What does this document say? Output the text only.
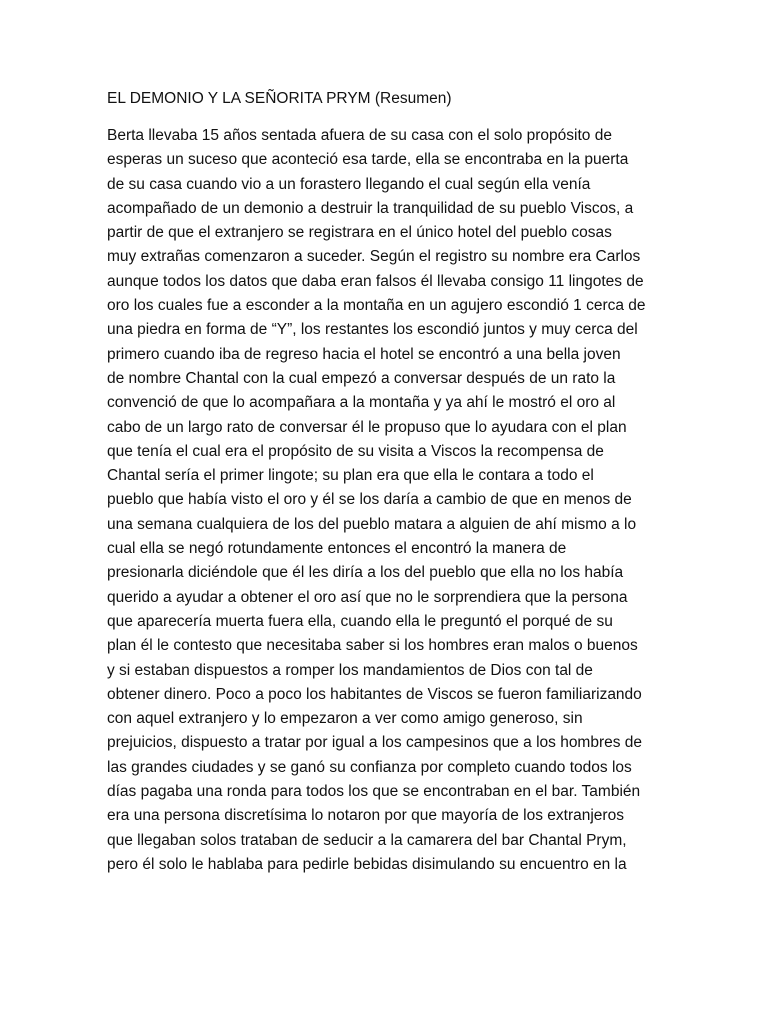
EL DEMONIO Y LA SEÑORITA PRYM (Resumen)
Berta llevaba 15 años sentada afuera de su casa con el solo propósito de
esperas un suceso que aconteció esa tarde, ella se encontraba en la puerta
de su casa cuando vio a un forastero llegando el cual según ella venía
acompañado de un demonio a destruir la tranquilidad de su pueblo Viscos, a
partir de que el extranjero se registrara en el único hotel del pueblo cosas
muy extrañas comenzaron a suceder. Según el registro su nombre era Carlos
aunque todos los datos que daba eran falsos él llevaba consigo 11 lingotes de
oro los cuales fue a esconder a la montaña en un agujero escondió 1 cerca de
una piedra en forma de “Y”, los restantes los escondió juntos y muy cerca del
primero cuando iba de regreso hacia el hotel se encontró a una bella joven
de nombre Chantal con la cual empezó a conversar después de un rato la
convenció de que lo acompañara a la montaña y ya ahí le mostró el oro al
cabo de un largo rato de conversar él le propuso que lo ayudara con el plan
que tenía el cual era el propósito de su visita a Viscos la recompensa de
Chantal sería el primer lingote; su plan era que ella le contara a todo el
pueblo que había visto el oro y él se los daría a cambio de que en menos de
una semana cualquiera de los del pueblo matara a alguien de ahí mismo a lo
cual ella se negó rotundamente entonces el encontró la manera de
presionarla diciéndole que él les diría a los del pueblo que ella no los había
querido a ayudar a obtener el oro así que no le sorprendiera que la persona
que aparecería muerta fuera ella, cuando ella le preguntó el porqué de su
plan él le contesto que necesitaba saber si los hombres eran malos o buenos
y si estaban dispuestos a romper los mandamientos de Dios con tal de
obtener dinero. Poco a poco los habitantes de Viscos se fueron familiarizando
con aquel extranjero y lo empezaron a ver como amigo generoso, sin
prejuicios, dispuesto a tratar por igual a los campesinos que a los hombres de
las grandes ciudades y se ganó su confianza por completo cuando todos los
días pagaba una ronda para todos los que se encontraban en el bar. También
era una persona discretísima lo notaron por que mayoría de los extranjeros
que llegaban solos trataban de seducir a la camarera del bar Chantal Prym,
pero él solo le hablaba para pedirle bebidas disimulando su encuentro en la
